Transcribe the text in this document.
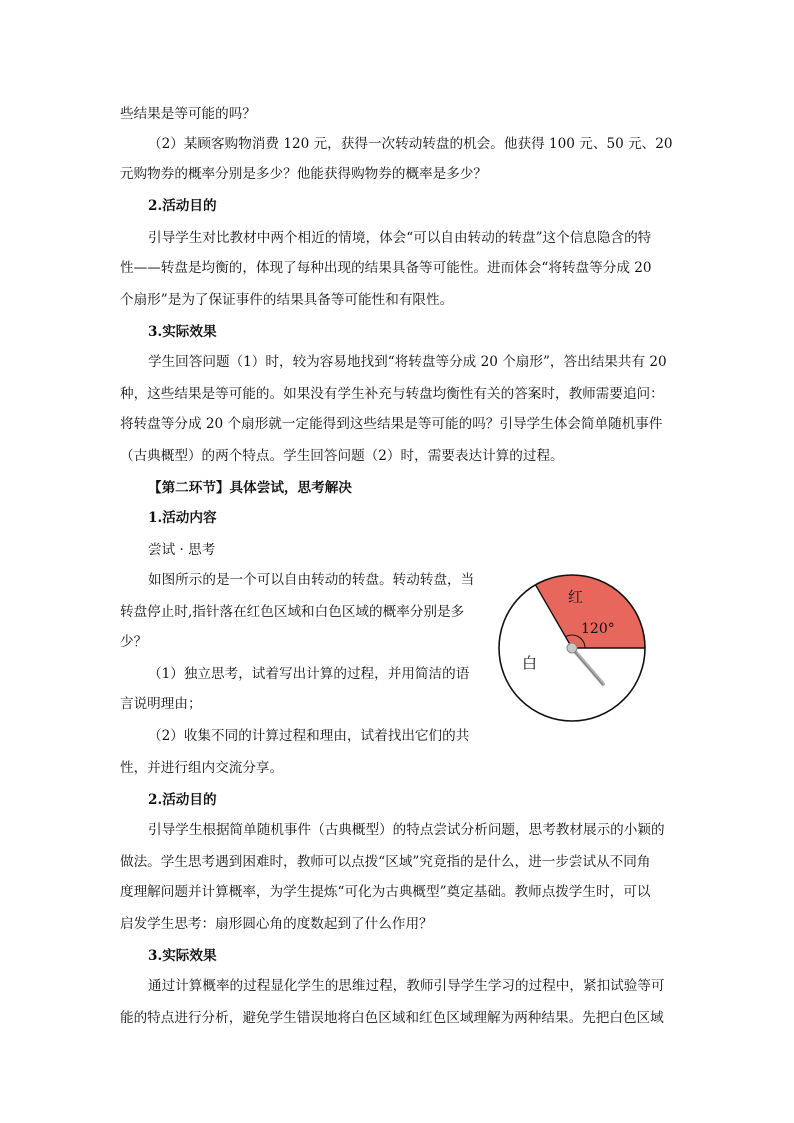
些结果是等可能的吗？
（2）某顾客购物消费 120 元，获得一次转动转盘的机会。他获得 100 元、50 元、20
元购物券的概率分别是多少？他能获得购物券的概率是多少？
2.活动目的
引导学生对比教材中两个相近的情境，体会“可以自由转动的转盘”这个信息隐含的特
性——转盘是均衡的，体现了每种出现的结果具备等可能性。进而体会“将转盘等分成 20
个扇形”是为了保证事件的结果具备等可能性和有限性。
3.实际效果
学生回答问题（1）时，较为容易地找到“将转盘等分成 20 个扇形”，答出结果共有 20
种，这些结果是等可能的。如果没有学生补充与转盘均衡性有关的答案时，教师需要追问：
将转盘等分成 20 个扇形就一定能得到这些结果是等可能的吗？引导学生体会简单随机事件
（古典概型）的两个特点。学生回答问题（2）时，需要表达计算的过程。
【第二环节】具体尝试，思考解决
1.活动内容
尝试 · 思考
如图所示的是一个可以自由转动的转盘。转动转盘，当
转盘停止时,指针落在红色区域和白色区域的概率分别是多
少？
（1）独立思考，试着写出计算的过程，并用简洁的语
言说明理由；
（2）收集不同的计算过程和理由，试着找出它们的共
性，并进行组内交流分享。
2.活动目的
引导学生根据简单随机事件（古典概型）的特点尝试分析问题，思考教材展示的小颖的
做法。学生思考遇到困难时，教师可以点拨“区域”究竟指的是什么，进一步尝试从不同角
度理解问题并计算概率，为学生提炼“可化为古典概型”奠定基础。教师点拨学生时，可以
启发学生思考：扇形圆心角的度数起到了什么作用？
3.实际效果
通过计算概率的过程显化学生的思维过程，教师引导学生学习的过程中，紧扣试验等可
能的特点进行分析，避免学生错误地将白色区域和红色区域理解为两种结果。先把白色区域
红
120°
白
